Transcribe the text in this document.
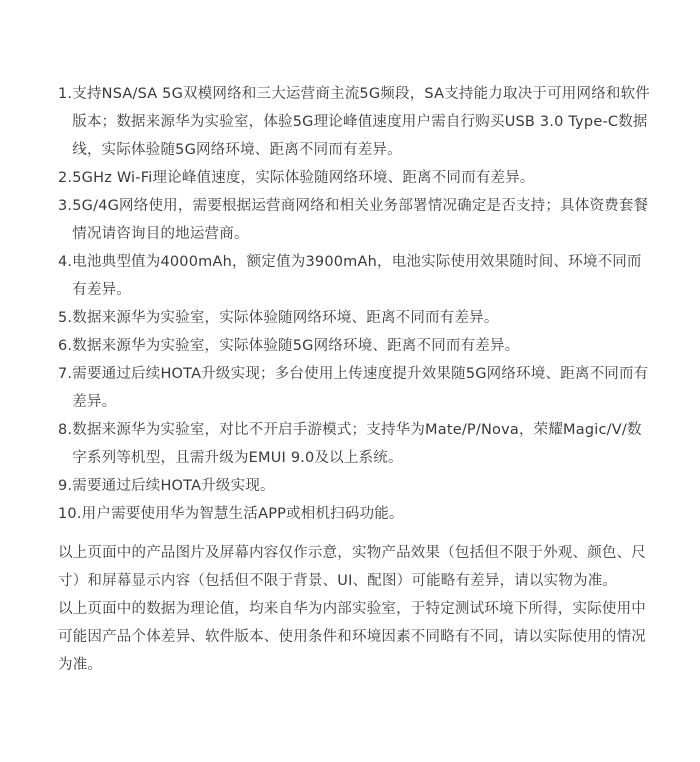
1. 支持NSA/SA 5G双模网络和三大运营商主流5G频段，SA支持能力取决于可用网络和软件版本；数据来源华为实验室，体验5G理论峰值速度用户需自行购买USB 3.0 Type-C数据线，实际体验随5G网络环境、距离不同而有差异。
2. 5GHz Wi-Fi理论峰值速度，实际体验随网络环境、距离不同而有差异。
3. 5G/4G网络使用，需要根据运营商网络和相关业务部署情况确定是否支持；具体资费套餐情况请咨询目的地运营商。
4. 电池典型值为4000mAh，额定值为3900mAh，电池实际使用效果随时间、环境不同而有差异。
5. 数据来源华为实验室，实际体验随网络环境、距离不同而有差异。
6. 数据来源华为实验室，实际体验随5G网络环境、距离不同而有差异。
7. 需要通过后续HOTA升级实现；多台使用上传速度提升效果随5G网络环境、距离不同而有差异。
8. 数据来源华为实验室，对比不开启手游模式；支持华为Mate/P/Nova，荣耀Magic/V/数字系列等机型，且需升级为EMUI 9.0及以上系统。
9. 需要通过后续HOTA升级实现。
10. 用户需要使用华为智慧生活APP或相机扫码功能。

以上页面中的产品图片及屏幕内容仅作示意，实物产品效果（包括但不限于外观、颜色、尺寸）和屏幕显示内容（包括但不限于背景、UI、配图）可能略有差异，请以实物为准。

以上页面中的数据为理论值，均来自华为内部实验室，于特定测试环境下所得，实际使用中可能因产品个体差异、软件版本、使用条件和环境因素不同略有不同，请以实际使用的情况为准。
